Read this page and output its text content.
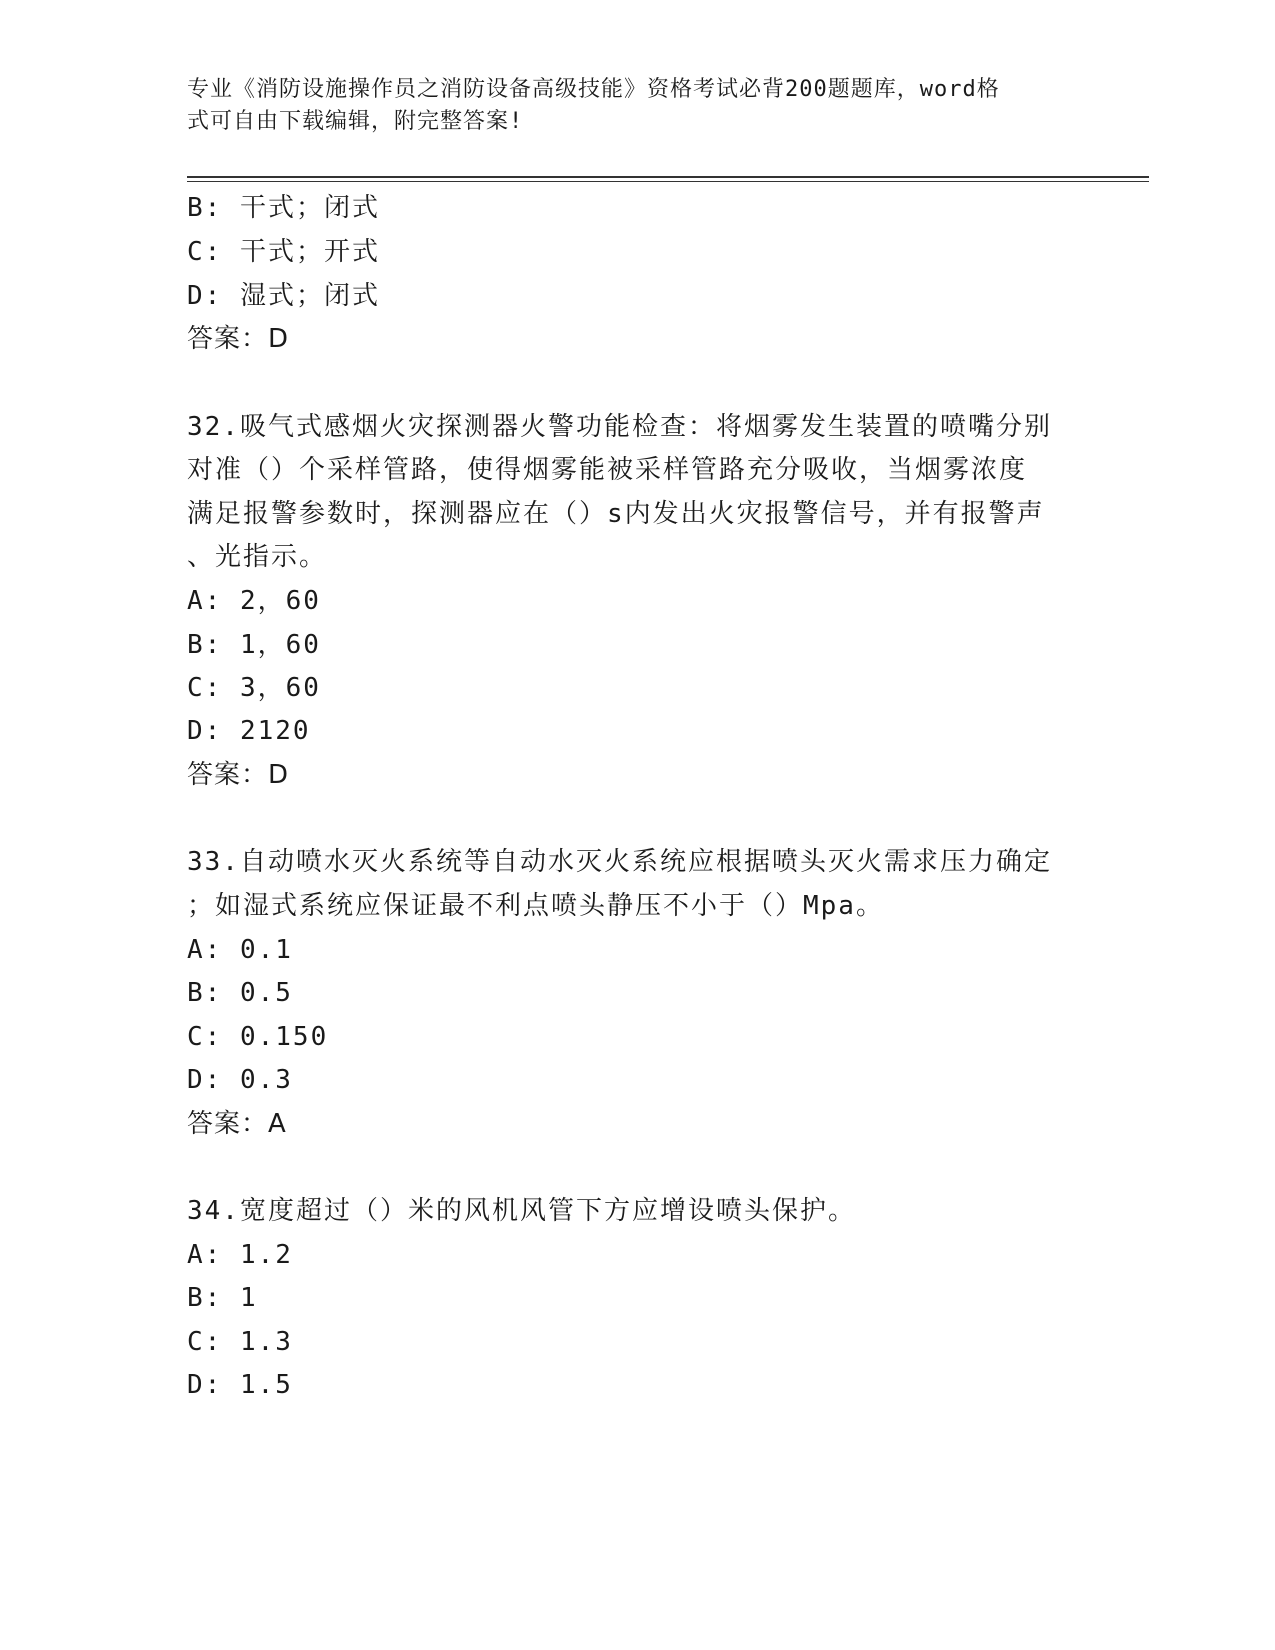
专业《消防设施操作员之消防设备高级技能》资格考试必背200题题库，word格
式可自由下载编辑，附完整答案!
B: 干式；闭式
C: 干式；开式
D: 湿式；闭式
答案：D
32.吸气式感烟火灾探测器火警功能检查：将烟雾发生装置的喷嘴分别
对准（）个采样管路，使得烟雾能被采样管路充分吸收，当烟雾浓度
满足报警参数时，探测器应在（）s内发出火灾报警信号，并有报警声
、光指示。
A: 2，60
B: 1，60
C: 3，60
D: 2120
答案：D
33.自动喷水灭火系统等自动水灭火系统应根据喷头灭火需求压力确定
；如湿式系统应保证最不利点喷头静压不小于（）Mpa。
A: 0.1
B: 0.5
C: 0.150
D: 0.3
答案：A
34.宽度超过（）米的风机风管下方应增设喷头保护。
A: 1.2
B: 1
C: 1.3
D: 1.5
